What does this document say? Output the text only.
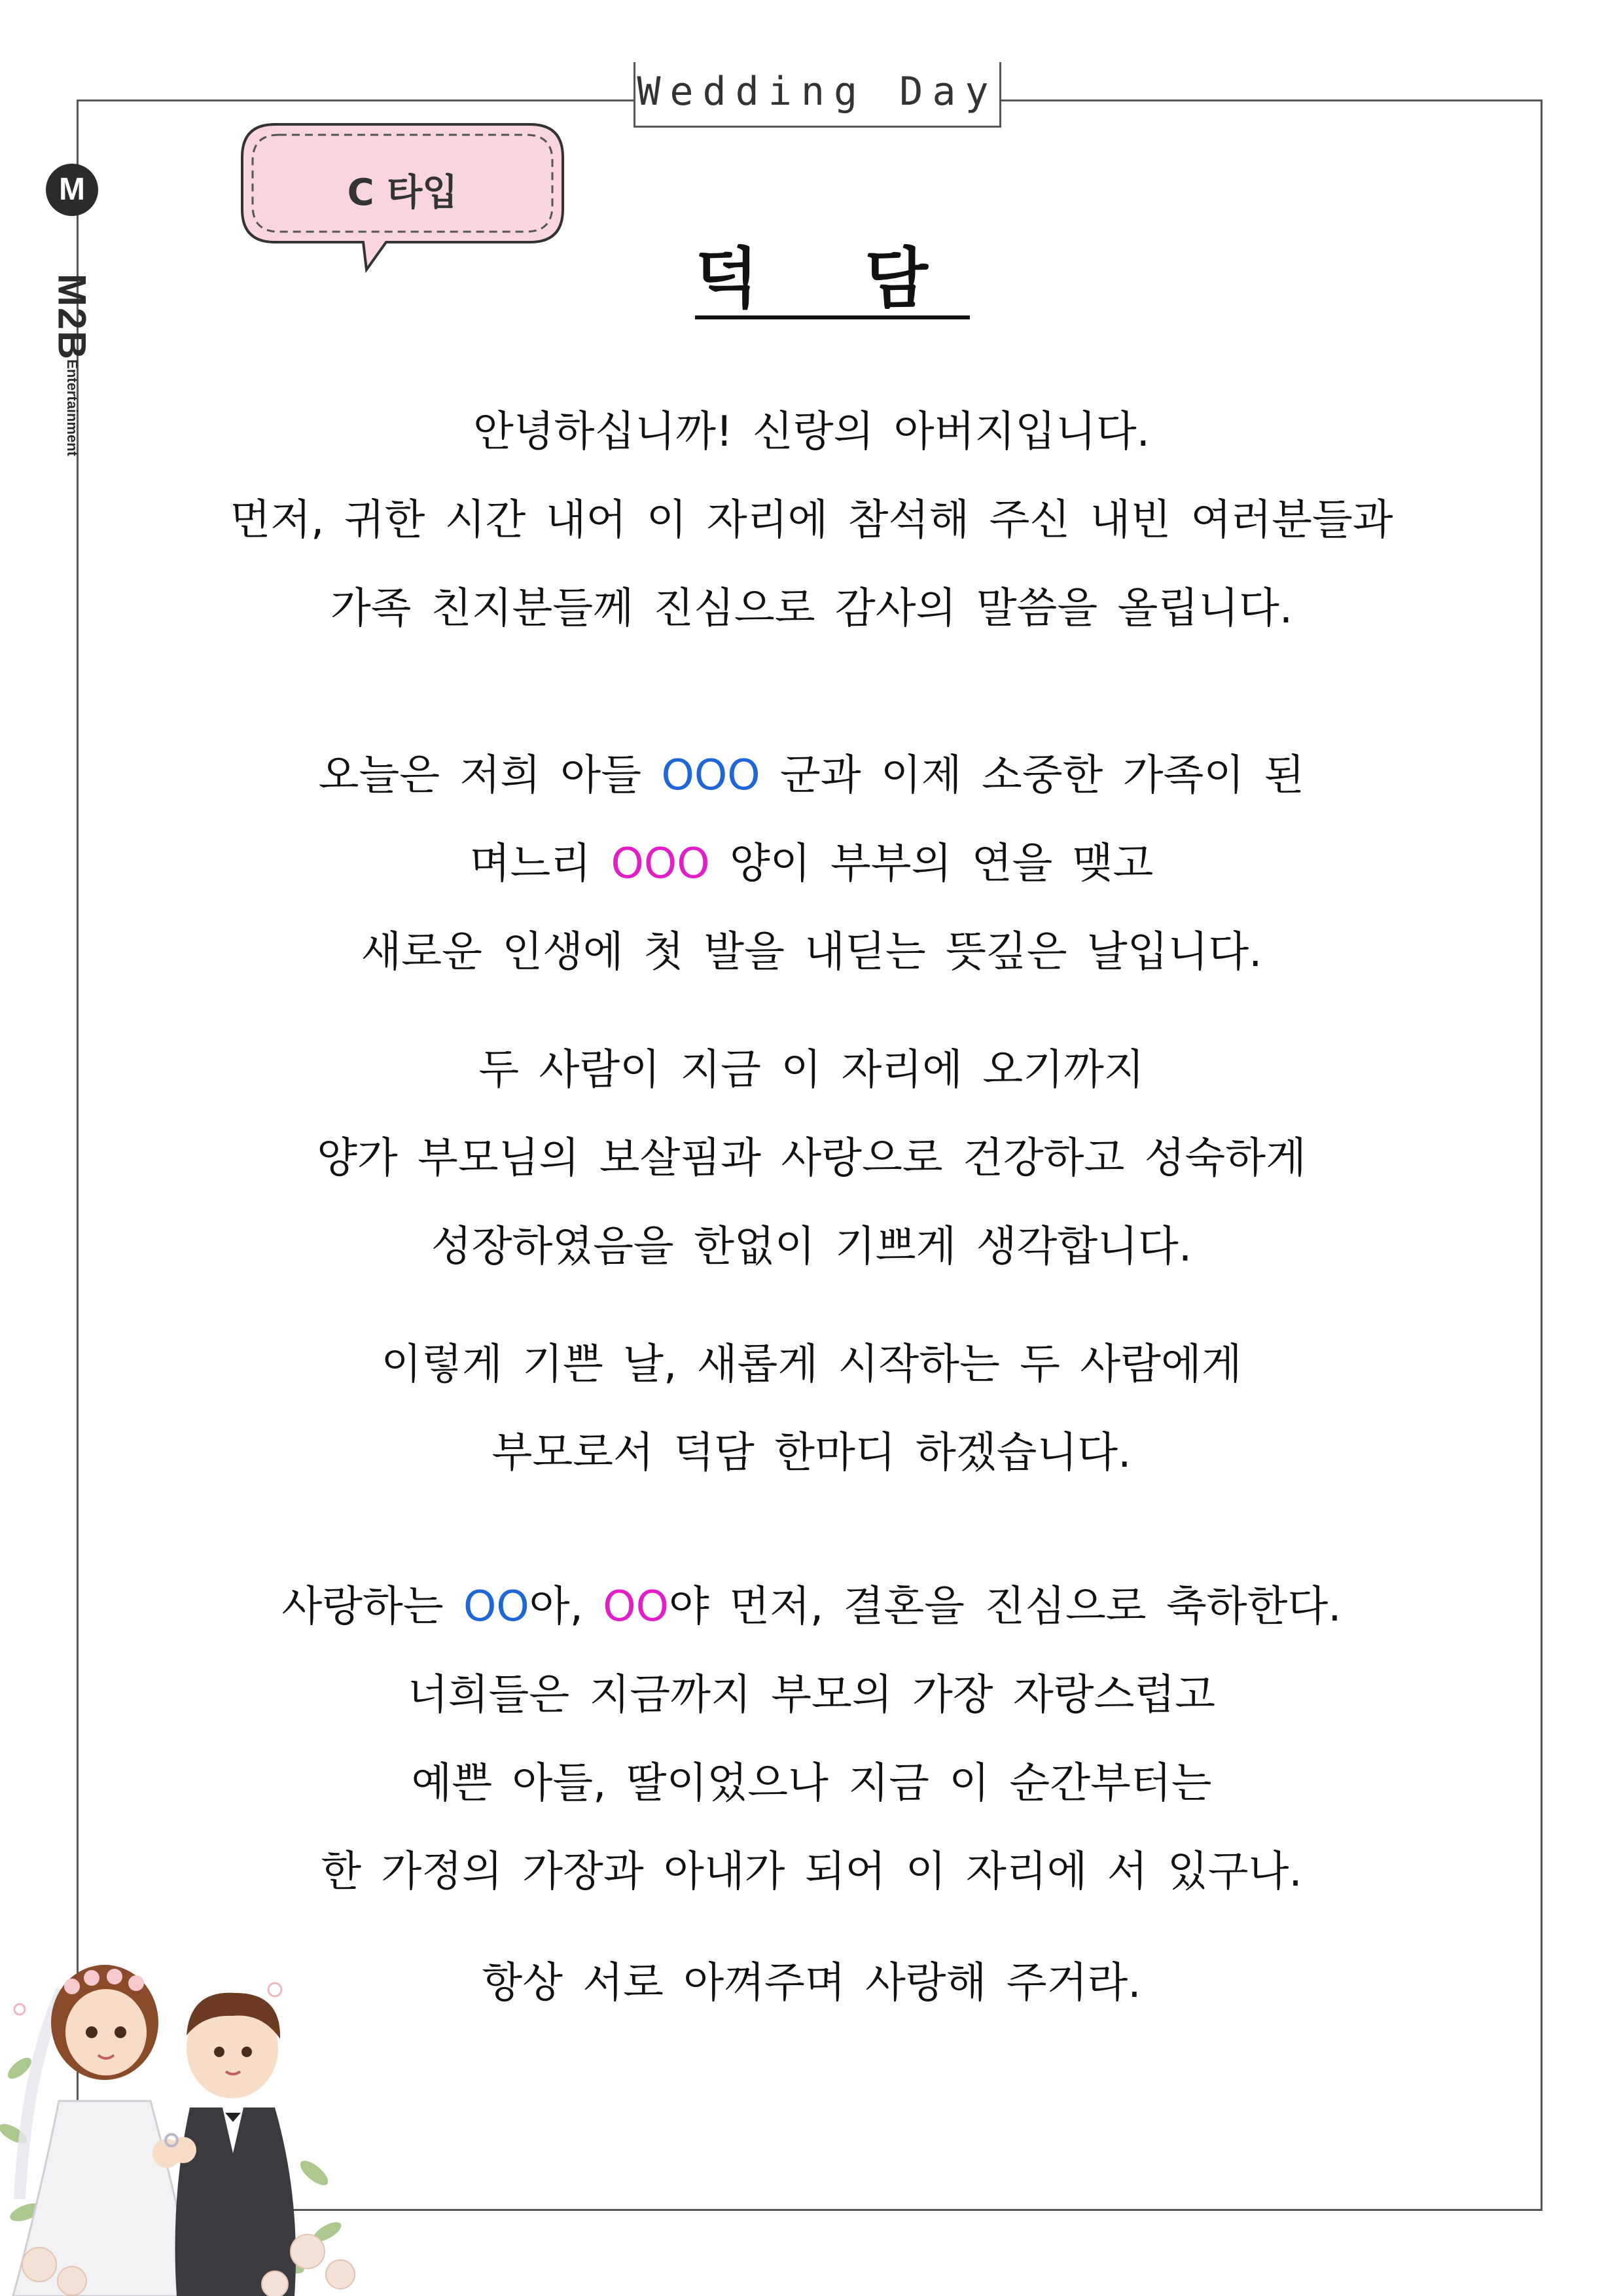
Wedding Day
M
M2B
Entertainment
C 타입
덕 담
안녕하십니까! 신랑의 아버지입니다.
먼저, 귀한 시간 내어 이 자리에 참석해 주신 내빈 여러분들과
가족 친지분들께 진심으로 감사의 말씀을 올립니다.
오늘은 저희 아들 OOO 군과 이제 소중한 가족이 된
며느리 OOO 양이 부부의 연을 맺고
새로운 인생에 첫 발을 내딛는 뜻깊은 날입니다.
두 사람이 지금 이 자리에 오기까지
양가 부모님의 보살핌과 사랑으로 건강하고 성숙하게
성장하였음을 한없이 기쁘게 생각합니다.
이렇게 기쁜 날, 새롭게 시작하는 두 사람에게
부모로서 덕담 한마디 하겠습니다.
사랑하는 OO아, OO야 먼저, 결혼을 진심으로 축하한다.
너희들은 지금까지 부모의 가장 자랑스럽고
예쁜 아들, 딸이었으나 지금 이 순간부터는
한 가정의 가장과 아내가 되어 이 자리에 서 있구나.
항상 서로 아껴주며 사랑해 주거라.
